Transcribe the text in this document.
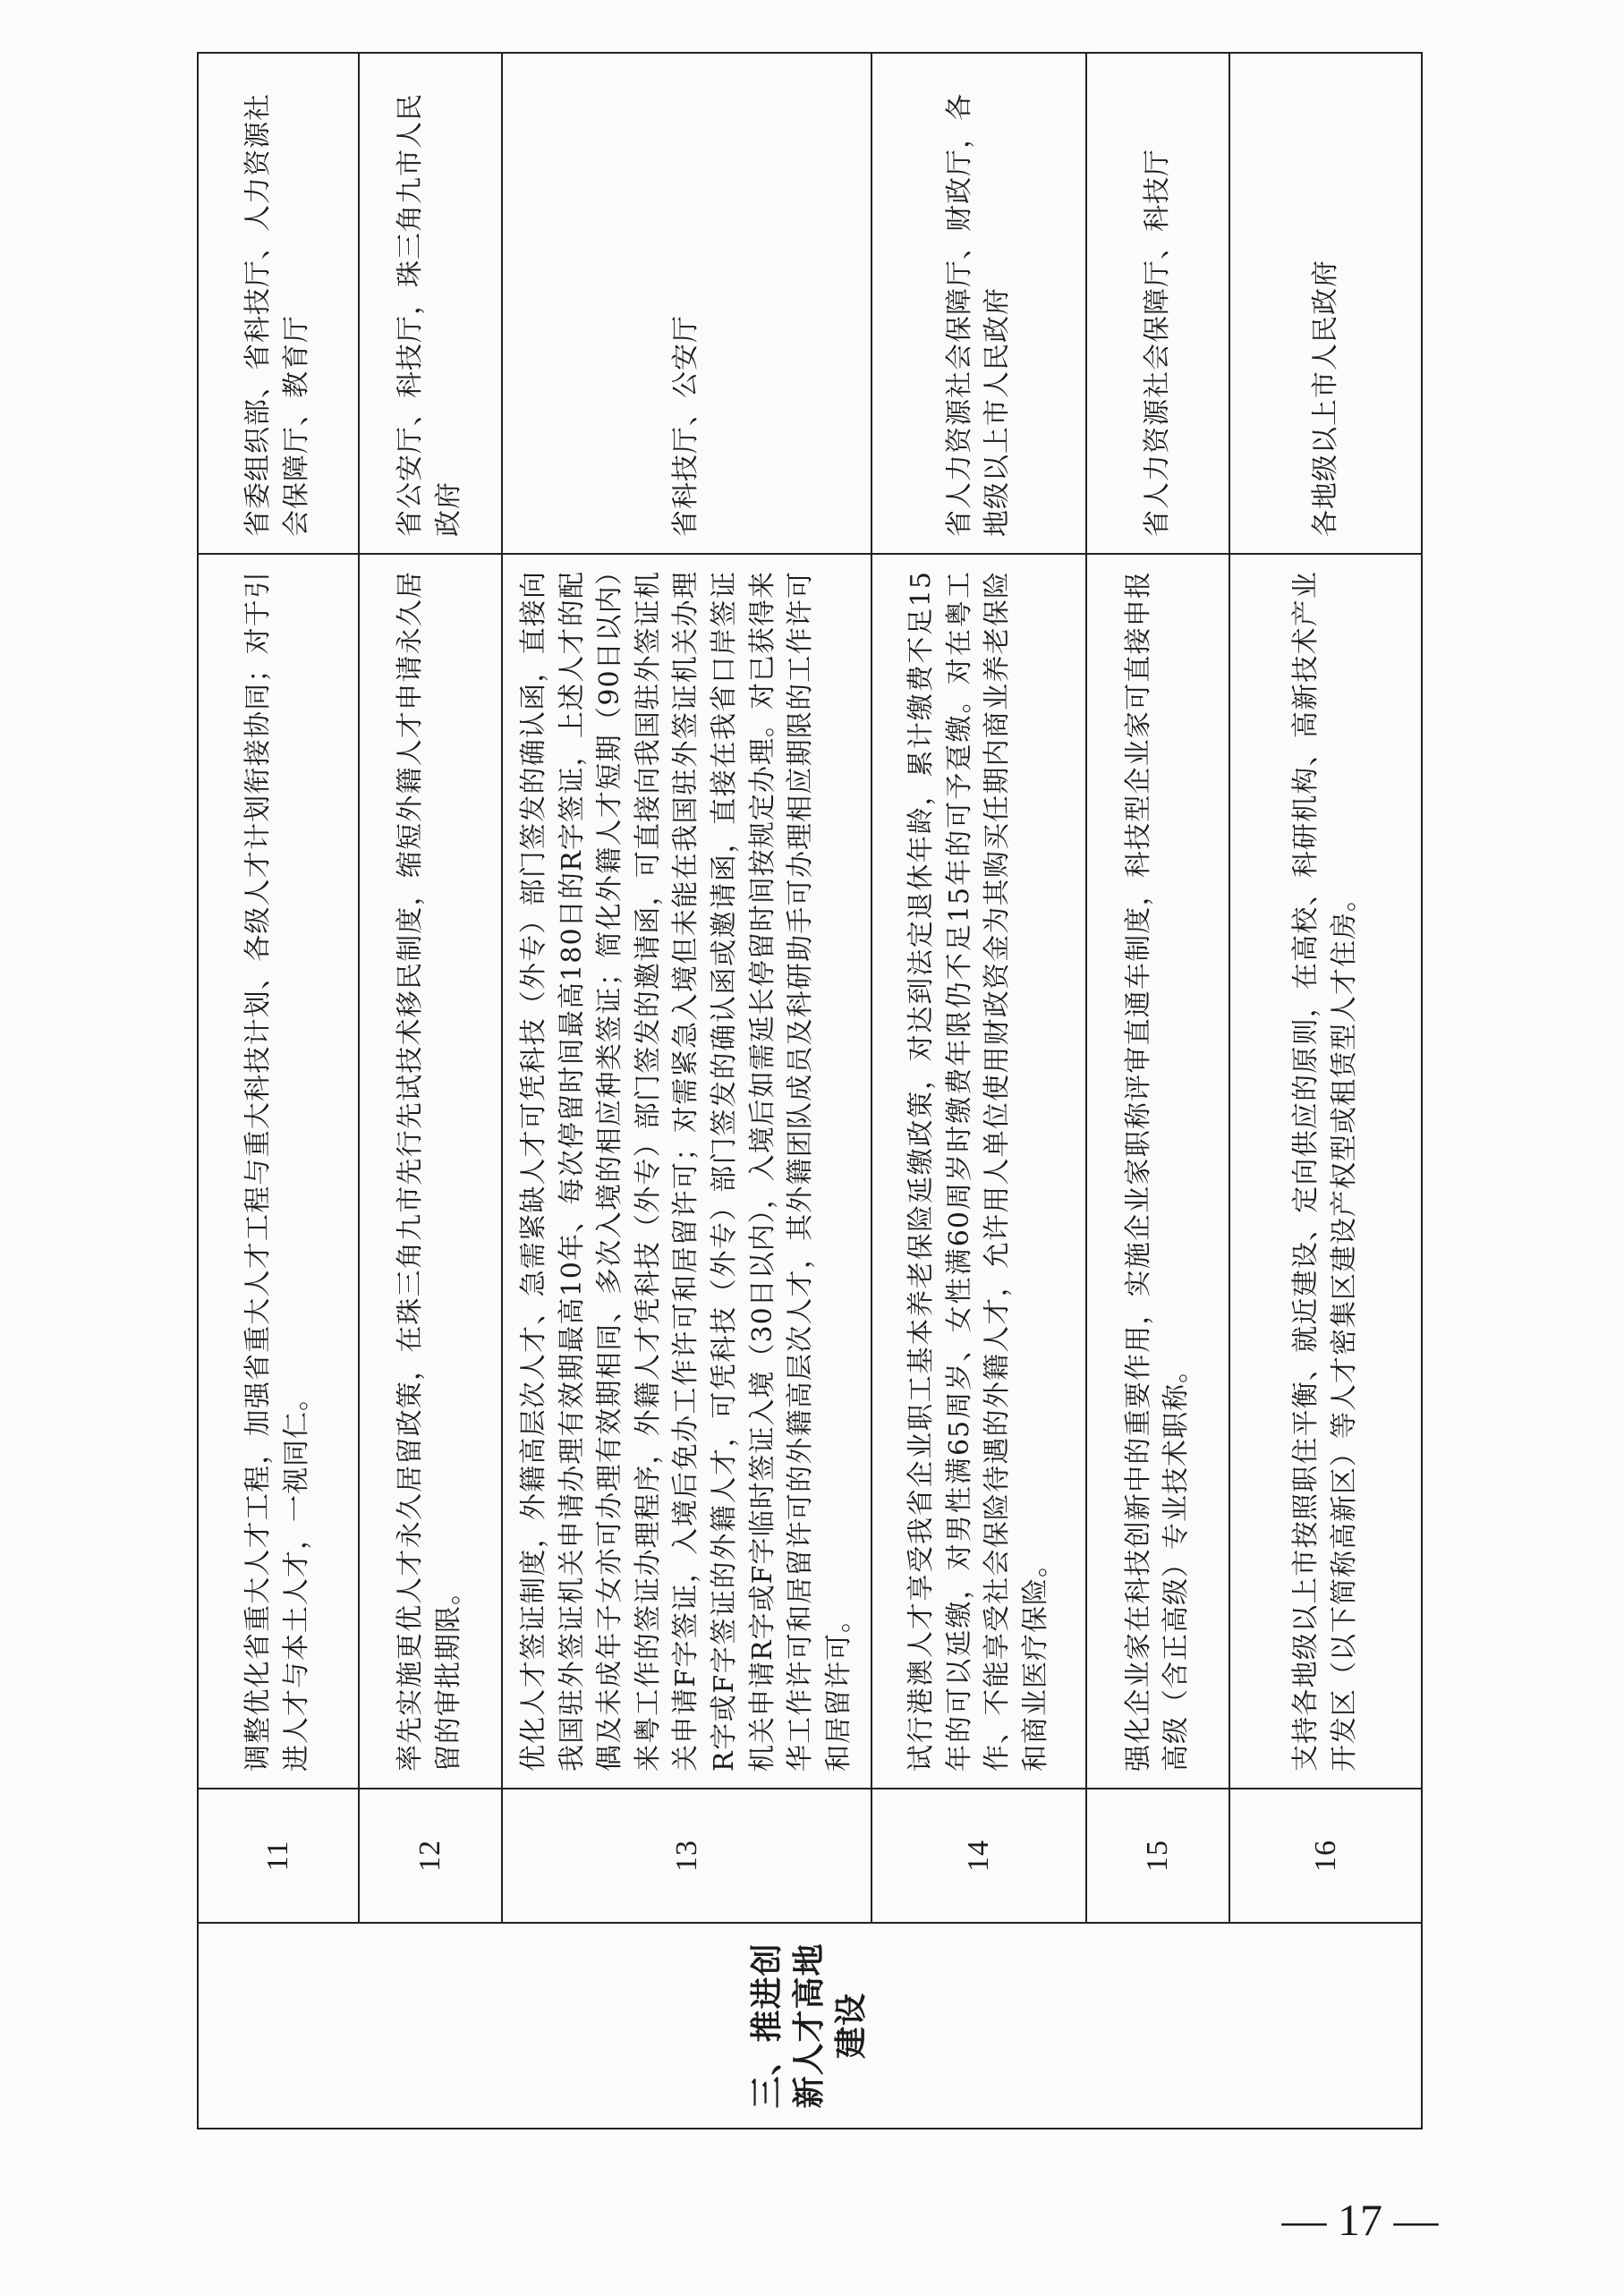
三、推进创新人才高地建设	11	调整优化省重大人才工程，加强省重大人才工程与重大科技计划、各级人才计划衔接协同；对于引进人才与本土人才，一视同仁。	省委组织部、省科技厅、人力资源社会保障厅、教育厅
	12	率先实施更优人才永久居留政策，在珠三角九市先行先试技术移民制度，缩短外籍人才申请永久居留的审批期限。	省公安厅、科技厅，珠三角九市人民政府
	13	优化人才签证制度，外籍高层次人才、急需紧缺人才可凭科技（外专）部门签发的确认函，直接向我国驻外签证机关申请办理有效期最高10年、每次停留时间最高180日的R字签证，上述人才的配偶及未成年子女亦可办理有效期相同、多次入境的相应种类签证；简化外籍人才短期（90日以内）来粤工作的签证办理程序，外籍人才凭科技（外专）部门签发的邀请函，可直接向我国驻外签证机关申请F字签证，入境后免办工作许可和居留许可；对需紧急入境但未能在我国驻外签证机关办理R字或F字签证的外籍人才，可凭科技（外专）部门签发的确认函或邀请函，直接在我省口岸签证机关申请R字或F字临时签证入境（30日以内），入境后如需延长停留时间按规定办理。对已获得来华工作许可和居留许可的外籍高层次人才，其外籍团队成员及科研助手可办理相应期限的工作许可和居留许可。	省科技厅、公安厅
	14	试行港澳人才享受我省企业职工基本养老保险延缴政策，对达到法定退休年龄，累计缴费不足15年的可以延缴，对男性满65周岁、女性满60周岁时缴费年限仍不足15年的可予趸缴。对在粤工作、不能享受社会保险待遇的外籍人才，允许用人单位使用财政资金为其购买任期内商业养老保险和商业医疗保险。	省人力资源社会保障厅、财政厅，各地级以上市人民政府
	15	强化企业家在科技创新中的重要作用，实施企业家职称评审直通车制度，科技型企业家可直接申报高级（含正高级）专业技术职称。	省人力资源社会保障厅、科技厅
	16	支持各地级以上市按照职住平衡、就近建设、定向供应的原则，在高校、科研机构、高新技术产业开发区（以下简称高新区）等人才密集区建设产权型或租赁型人才住房。	各地级以上市人民政府
— 17 —
